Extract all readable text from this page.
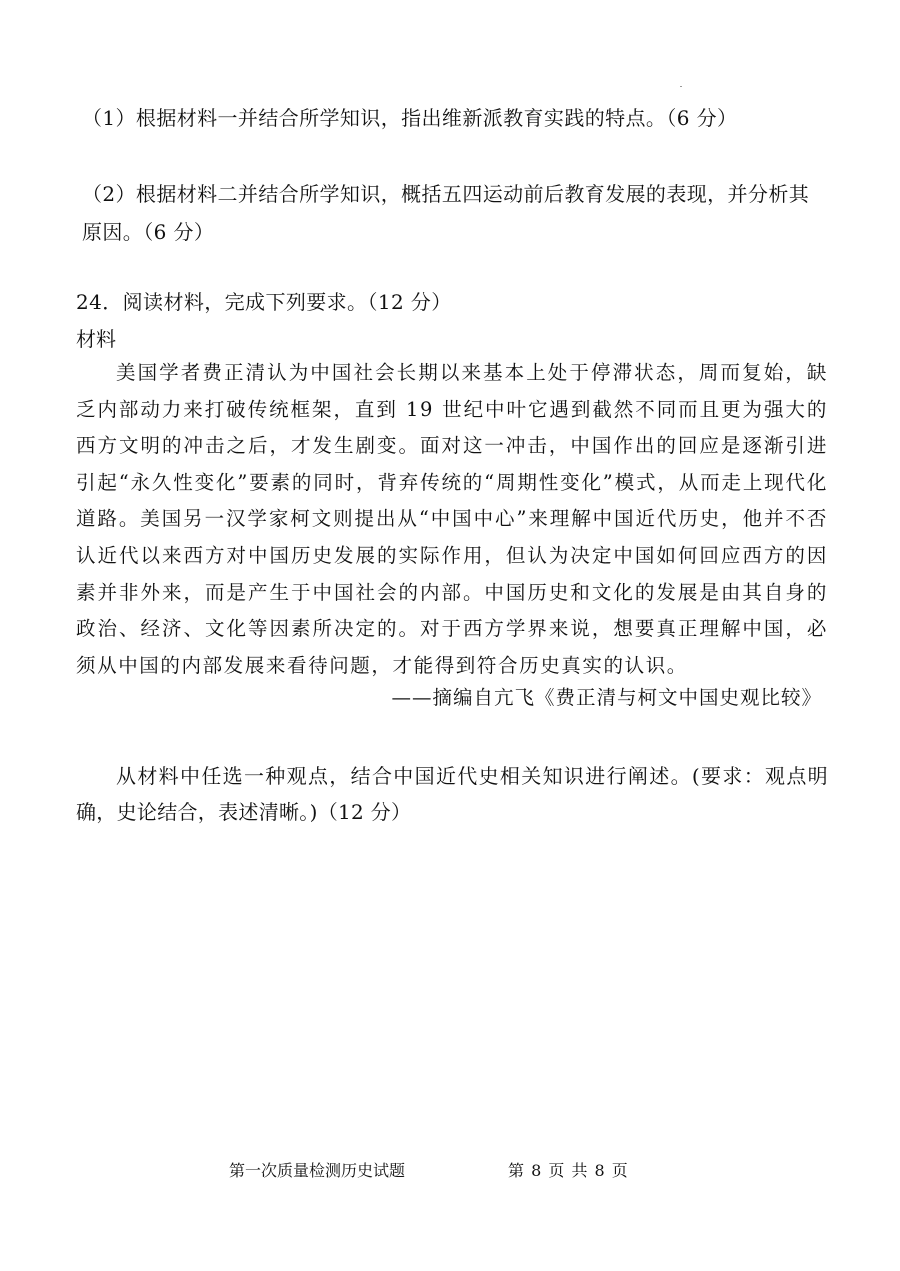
（1）根据材料一并结合所学知识，指出维新派教育实践的特点。（6 分）
（2）根据材料二并结合所学知识，概括五四运动前后教育发展的表现，并分析其原因。（6 分）
24．阅读材料，完成下列要求。（12 分）
材料
美国学者费正清认为中国社会长期以来基本上处于停滞状态，周而复始，缺乏内部动力来打破传统框架，直到 19 世纪中叶它遇到截然不同而且更为强大的西方文明的冲击之后，才发生剧变。面对这一冲击，中国作出的回应是逐渐引进引起“永久性变化”要素的同时，背弃传统的“周期性变化”模式，从而走上现代化道路。美国另一汉学家柯文则提出从“中国中心”来理解中国近代历史，他并不否认近代以来西方对中国历史发展的实际作用，但认为决定中国如何回应西方的因素并非外来，而是产生于中国社会的内部。中国历史和文化的发展是由其自身的政治、经济、文化等因素所决定的。对于西方学界来说，想要真正理解中国，必须从中国的内部发展来看待问题，才能得到符合历史真实的认识。
——摘编自亢飞《费正清与柯文中国史观比较》
从材料中任选一种观点，结合中国近代史相关知识进行阐述。(要求：观点明确，史论结合，表述清晰。)（12 分）
第一次质量检测历史试题	第 8 页 共 8 页
